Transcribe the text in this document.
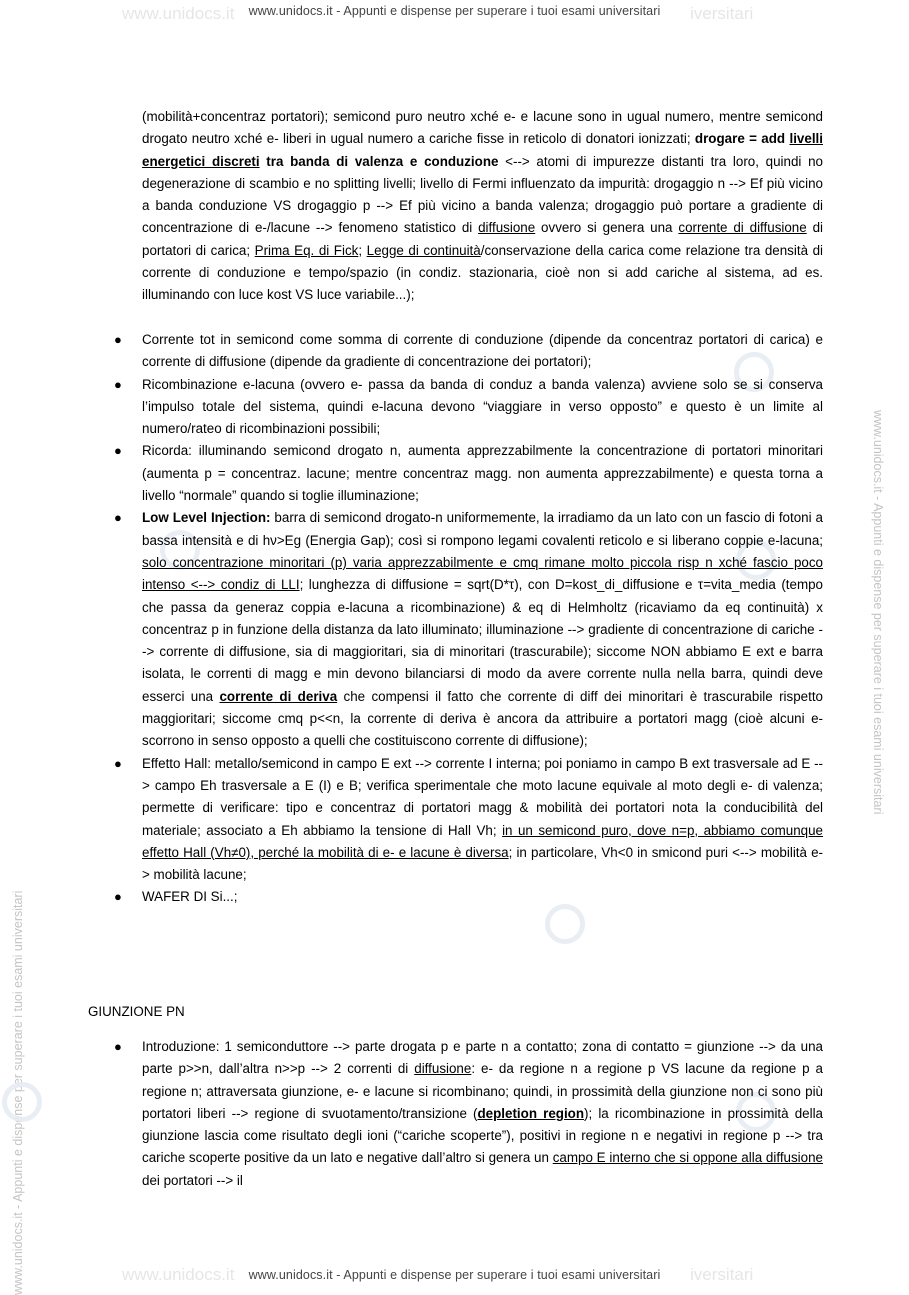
www.unidocs.it	iversitari
www.unidocs.it - Appunti e dispense per superare i tuoi esami universitari
www.unidocs.it	iversitari
www.unidocs.it - Appunti e dispense per superare i tuoi esami universitari
www.unidocs.it - Appunti e dispense per superare i tuoi esami universitari
www.unidocs.it - Appunti e dispense per superare i tuoi esami universitari

(mobilità+concentraz portatori); semicond puro neutro xché e- e lacune sono in ugual numero, mentre semicond drogato neutro xché e- liberi in ugual numero a cariche fisse in reticolo di donatori ionizzati; drogare = add livelli energetici discreti tra banda di valenza e conduzione <--> atomi di impurezze distanti tra loro, quindi no degenerazione di scambio e no splitting livelli; livello di Fermi influenzato da impurità: drogaggio n --> Ef più vicino a banda conduzione VS drogaggio p --> Ef più vicino a banda valenza; drogaggio può portare a gradiente di concentrazione di e-/lacune --> fenomeno statistico di diffusione ovvero si genera una corrente di diffusione di portatori di carica; Prima Eq. di Fick; Legge di continuità/conservazione della carica come relazione tra densità di corrente di conduzione e tempo/spazio (in condiz. stazionaria, cioè non si add cariche al sistema, ad es. illuminando con luce kost VS luce variabile...);

● Corrente tot in semicond come somma di corrente di conduzione (dipende da concentraz portatori di carica) e corrente di diffusione (dipende da gradiente di concentrazione dei portatori);
● Ricombinazione e-lacuna (ovvero e- passa da banda di conduz a banda valenza) avviene solo se si conserva l’impulso totale del sistema, quindi e-lacuna devono “viaggiare in verso opposto” e questo è un limite al numero/rateo di ricombinazioni possibili;
● Ricorda: illuminando semicond drogato n, aumenta apprezzabilmente la concentrazione di portatori minoritari (aumenta p = concentraz. lacune; mentre concentraz magg. non aumenta apprezzabilmente) e questa torna a livello “normale” quando si toglie illuminazione;
● Low Level Injection: barra di semicond drogato-n uniformemente, la irradiamo da un lato con un fascio di fotoni a bassa intensità e di hν>Eg (Energia Gap); così si rompono legami covalenti reticolo e si liberano coppie e-lacuna; solo concentrazione minoritari (p) varia apprezzabilmente e cmq rimane molto piccola risp n xché fascio poco intenso <--> condiz di LLI; lunghezza di diffusione = sqrt(D*τ), con D=kost_di_diffusione e τ=vita_media (tempo che passa da generaz coppia e-lacuna a ricombinazione) & eq di Helmholtz (ricaviamo da eq continuità) x concentraz p in funzione della distanza da lato illuminato; illuminazione --> gradiente di concentrazione di cariche --> corrente di diffusione, sia di maggioritari, sia di minoritari (trascurabile); siccome NON abbiamo E ext e barra isolata, le correnti di magg e min devono bilanciarsi di modo da avere corrente nulla nella barra, quindi deve esserci una corrente di deriva che compensi il fatto che corrente di diff dei minoritari è trascurabile rispetto maggioritari; siccome cmq p<<n, la corrente di deriva è ancora da attribuire a portatori magg (cioè alcuni e- scorrono in senso opposto a quelli che costituiscono corrente di diffusione);
● Effetto Hall: metallo/semicond in campo E ext --> corrente I interna; poi poniamo in campo B ext trasversale ad E --> campo Eh trasversale a E (I) e B; verifica sperimentale che moto lacune equivale al moto degli e- di valenza; permette di verificare: tipo e concentraz di portatori magg & mobilità dei portatori nota la conducibilità del materiale; associato a Eh abbiamo la tensione di Hall Vh; in un semicond puro, dove n=p, abbiamo comunque effetto Hall (Vh≠0), perché la mobilità di e- e lacune è diversa; in particolare, Vh<0 in smicond puri <--> mobilità e- > mobilità lacune;
● WAFER DI Si...;
GIUNZIONE PN
● Introduzione: 1 semiconduttore --> parte drogata p e parte n a contatto; zona di contatto = giunzione --> da una parte p>>n, dall’altra n>>p --> 2 correnti di diffusione: e- da regione n a regione p VS lacune da regione p a regione n; attraversata giunzione, e- e lacune si ricombinano; quindi, in prossimità della giunzione non ci sono più portatori liberi --> regione di svuotamento/transizione (depletion region); la ricombinazione in prossimità della giunzione lascia come risultato degli ioni (“cariche scoperte”), positivi in regione n e negativi in regione p --> tra cariche scoperte positive da un lato e negative dall’altro si genera un campo E interno che si oppone alla diffusione dei portatori --> il
